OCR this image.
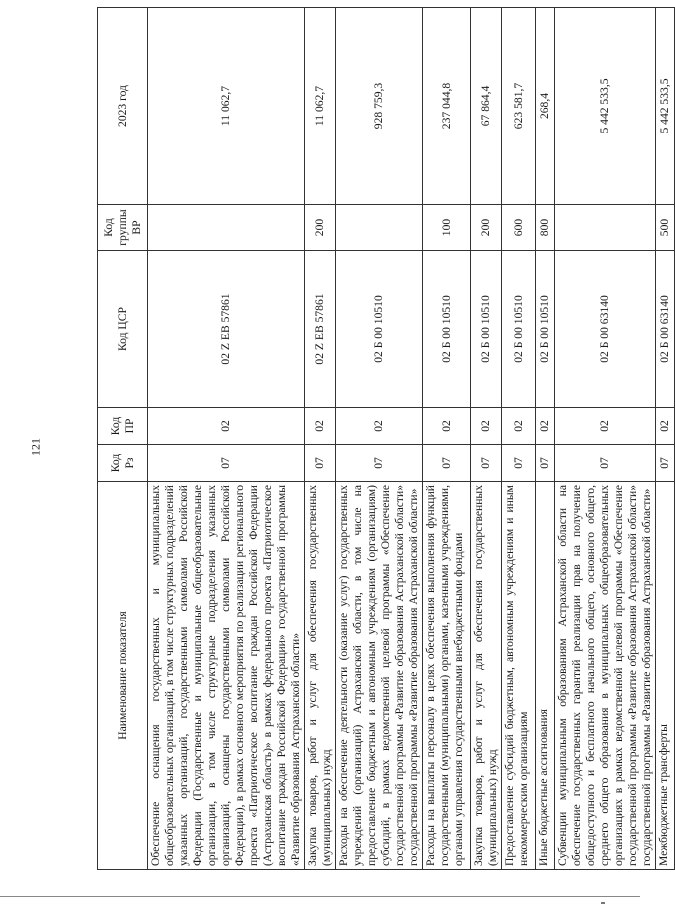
121
Наименование показателя	Код Рз	Код ПР	Код ЦСР	Код группы ВР	2023 год
Обеспечение оснащения государственных и муниципальных общеобразовательных организаций, в том числе структурных подразделений указанных организаций, государственными символами Российской Федерации (Государственные и муниципальные общеобразовательные организации, в том числе структурные подразделения указанных организаций, оснащены государственными символами Российской Федерации), в рамках основного мероприятия по реализации регионального проекта «Патриотическое воспитание граждан Российской Федерации (Астраханская область)» в рамках федерального проекта «Патриотическое воспитание граждан Российской Федерации» государственной программы «Развитие образования Астраханской области»	07	02	02 Z EB 57861		11 062,7
Закупка товаров, работ и услуг для обеспечения государственных (муниципальных) нужд	07	02	02 Z EB 57861	200	11 062,7
Расходы на обеспечение деятельности (оказание услуг) государственных учреждений (организаций) Астраханской области, в том числе на предоставление бюджетным и автономным учреждениям (организациям) субсидий, в рамках ведомственной целевой программы «Обеспечение государственной программы «Развитие образования Астраханской области» государственной программы «Развитие образования Астраханской области»	07	02	02 Б 00 10510		928 759,3
Расходы на выплаты персоналу в целях обеспечения выполнения функций государственными (муниципальными) органами, казенными учреждениями, органами управления государственными внебюджетными фондами	07	02	02 Б 00 10510	100	237 044,8
Закупка товаров, работ и услуг для обеспечения государственных (муниципальных) нужд	07	02	02 Б 00 10510	200	67 864,4
Предоставление субсидий бюджетным, автономным учреждениям и иным некоммерческим организациям	07	02	02 Б 00 10510	600	623 581,7
Иные бюджетные ассигнования	07	02	02 Б 00 10510	800	268,4
Субвенции муниципальным образованиям Астраханской области на обеспечение государственных гарантий реализации прав на получение общедоступного и бесплатного начального общего, основного общего, среднего общего образования в муниципальных общеобразовательных организациях в рамках ведомственной целевой программы «Обеспечение государственной программы «Развитие образования Астраханской области» государственной программы «Развитие образования Астраханской области»	07	02	02 Б 00 63140		5 442 533,5
Межбюджетные трансферты	07	02	02 Б 00 63140	500	5 442 533,5
